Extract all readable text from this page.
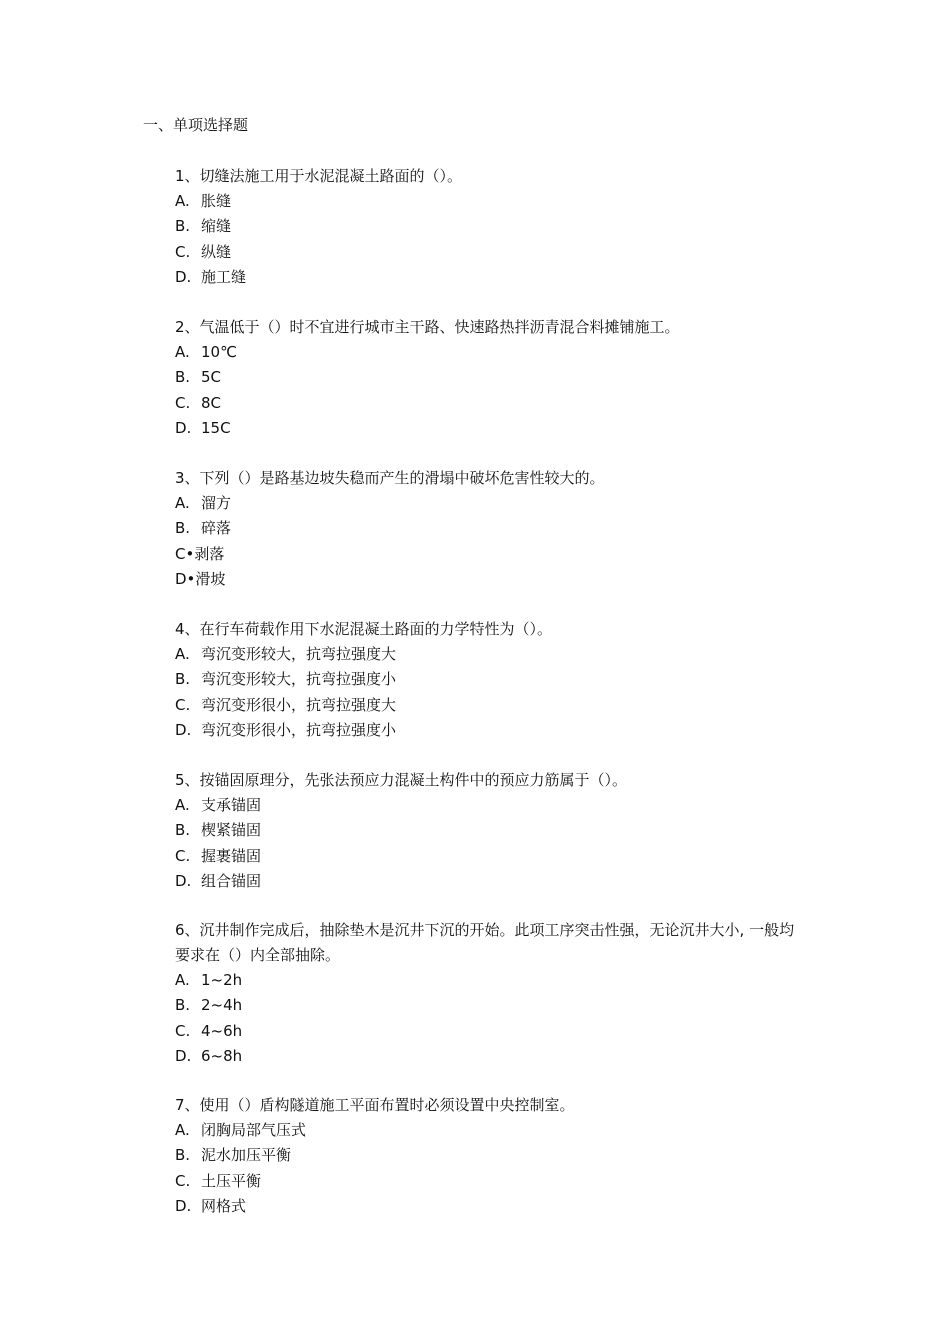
一、单项选择题

1、切缝法施工用于水泥混凝土路面的（）。

A. 胀缝
B. 缩缝
C. 纵缝
D. 施工缝

2、气温低于（）时不宜进行城市主干路、快速路热拌沥青混合料摊铺施工。

A. 10℃
B. 5C
C. 8C
D. 15C

3、下列（）是路基边坡失稳而产生的滑塌中破坏危害性较大的。

A. 溜方
B. 碎落
C•剥落
D•滑坡

4、在行车荷载作用下水泥混凝土路面的力学特性为（）。

A. 弯沉变形较大，抗弯拉强度大
B. 弯沉变形较大，抗弯拉强度小
C. 弯沉变形很小，抗弯拉强度大
D. 弯沉变形很小，抗弯拉强度小

5、按锚固原理分，先张法预应力混凝土构件中的预应力筋属于（）。

A. 支承锚固
B. 楔紧锚固
C. 握裹锚固
D. 组合锚固

6、沉井制作完成后，抽除垫木是沉井下沉的开始。此项工序突击性强，无论沉井大小, 一般均要求在（）内全部抽除。

A. 1~2h
B. 2~4h
C. 4~6h
D. 6~8h

7、使用（）盾构隧道施工平面布置时必须设置中央控制室。

A. 闭胸局部气压式
B. 泥水加压平衡
C. 土压平衡
D. 网格式
